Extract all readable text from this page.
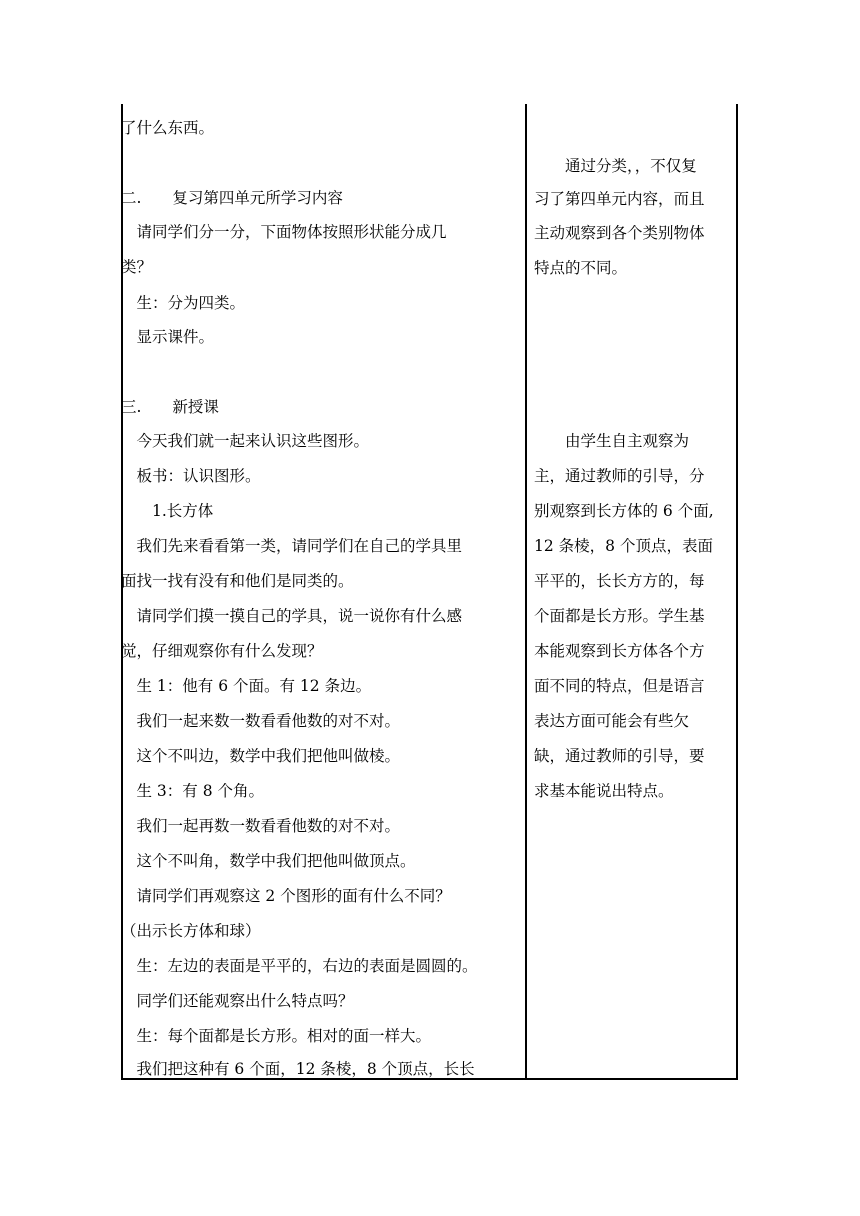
了什么东西。
二.　　复习第四单元所学习内容
　请同学们分一分，下面物体按照形状能分成几
类？
　生：分为四类。
　显示课件。
三.　　新授课
　今天我们就一起来认识这些图形。
　板书：认识图形。
　　1.长方体
　我们先来看看第一类，请同学们在自己的学具里
面找一找有没有和他们是同类的。
　请同学们摸一摸自己的学具，说一说你有什么感
觉，仔细观察你有什么发现？
　生 1：他有 6 个面。有 12 条边。
　我们一起来数一数看看他数的对不对。
　这个不叫边，数学中我们把他叫做棱。
　生 3：有 8 个角。
　我们一起再数一数看看他数的对不对。
　这个不叫角，数学中我们把他叫做顶点。
　请同学们再观察这 2 个图形的面有什么不同？
（出示长方体和球）
　生：左边的表面是平平的，右边的表面是圆圆的。
　同学们还能观察出什么特点吗？
　生：每个面都是长方形。相对的面一样大。
　我们把这种有 6 个面，12 条棱，8 个顶点，长长
　　通过分类，，不仅复
习了第四单元内容，而且
主动观察到各个类别物体
特点的不同。
　　由学生自主观察为
主，通过教师的引导，分
别观察到长方体的 6 个面,
12 条棱，8 个顶点，表面
平平的，长长方方的，每
个面都是长方形。学生基
本能观察到长方体各个方
面不同的特点，但是语言
表达方面可能会有些欠
缺，通过教师的引导，要
求基本能说出特点。
